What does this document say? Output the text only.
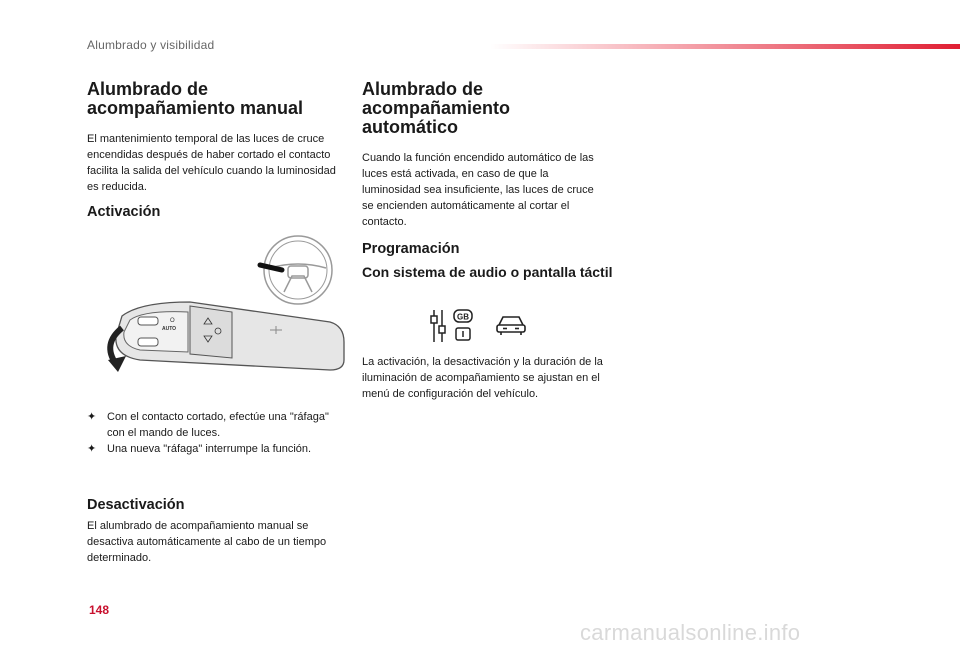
Alumbrado y visibilidad
Alumbrado de acompañamiento manual

El mantenimiento temporal de las luces de cruce encendidas después de haber cortado el contacto facilita la salida del vehículo cuando la luminosidad es reducida.

Activación
O
AUTO
✦ Con el contacto cortado, efectúe una "ráfaga" con el mando de luces.
✦ Una nueva "ráfaga" interrumpe la función.
Desactivación

El alumbrado de acompañamiento manual se desactiva automáticamente al cabo de un tiempo determinado.

Alumbrado de acompañamiento automático

Cuando la función encendido automático de las luces está activada, en caso de que la luminosidad sea insuficiente, las luces de cruce se encienden automáticamente al cortar el contacto.

Programación
Con sistema de audio o pantalla táctil
GB

La activación, la desactivación y la duración de la iluminación de acompañamiento se ajustan en el menú de configuración del vehículo.

148
carmanualsonline.info
